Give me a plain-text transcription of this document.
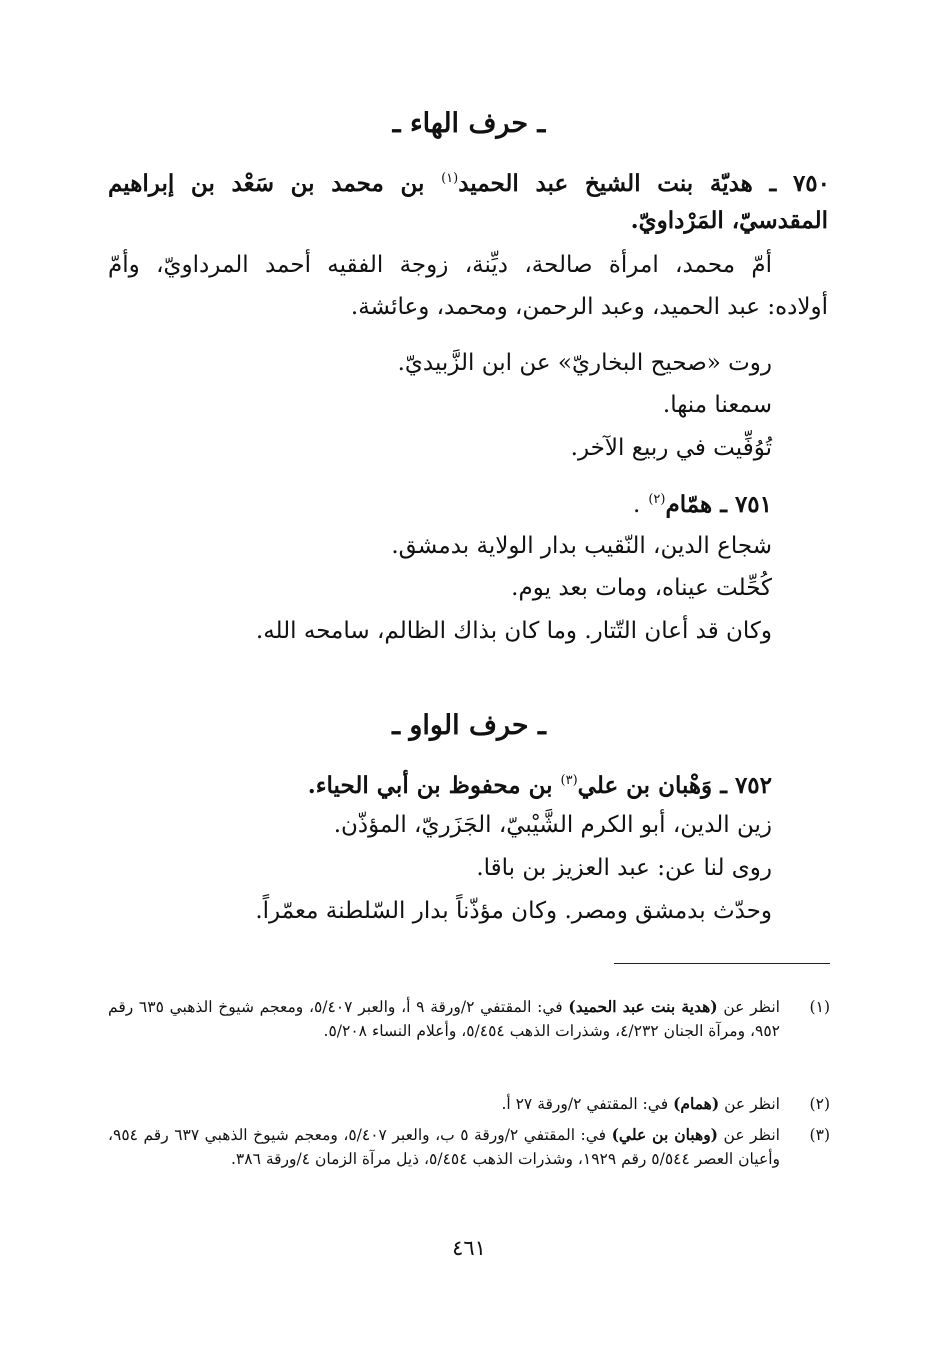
ـ حرف الهاء ـ
٧٥٠ ـ هديّة بنت الشيخ عبد الحميد$^{(١)}$ بن محمد بن سَعْد بن إبراهيم
المقدسيّ، المَرْداويّ.
أمّ محمد، امرأة صالحة، ديِّنة، زوجة الفقيه أحمد المرداويّ، وأمّ
أولاده: عبد الحميد، وعبد الرحمن، ومحمد، وعائشة.
روت «صحيح البخاريّ» عن ابن الزَّبيديّ.
سمعنا منها.
تُوُفِّيت في ربيع الآخر.
٧٥١ ـ همّام$^{(٢)}$ .
شجاع الدين، النّقيب بدار الولاية بدمشق.
كُحِّلت عيناه، ومات بعد يوم.
وكان قد أعان التّتار. وما كان بذاك الظالم، سامحه الله.
ـ حرف الواو ـ
٧٥٢ ـ وَهْبان بن علي$^{(٣)}$ بن محفوظ بن أبي الحياء.
زين الدين، أبو الكرم الشَّيْبيّ، الجَزَريّ، المؤذّن.
روى لنا عن: عبد العزيز بن باقا.
وحدّث بدمشق ومصر. وكان مؤذّناً بدار السّلطنة معمّراً.
(١)
انظر عن (هدية بنت عبد الحميد) في: المقتفي ٢/ورقة ٩ أ، والعبر ٥/٤٠٧، ومعجم شيوخ الذهبي ٦٣٥ رقم ٩٥٢، ومرآة الجنان ٤/٢٣٢، وشذرات الذهب ٥/٤٥٤، وأعلام النساء ٥/٢٠٨.
(٢)
انظر عن (همام) في: المقتفي ٢/ورقة ٢٧ أ.
(٣)
انظر عن (وهبان بن علي) في: المقتفي ٢/ورقة ٥ ب، والعبر ٥/٤٠٧، ومعجم شيوخ الذهبي ٦٣٧ رقم ٩٥٤، وأعيان العصر ٥/٥٤٤ رقم ١٩٢٩، وشذرات الذهب ٥/٤٥٤، ذيل مرآة الزمان ٤/ورقة ٣٨٦.
٤٦١
